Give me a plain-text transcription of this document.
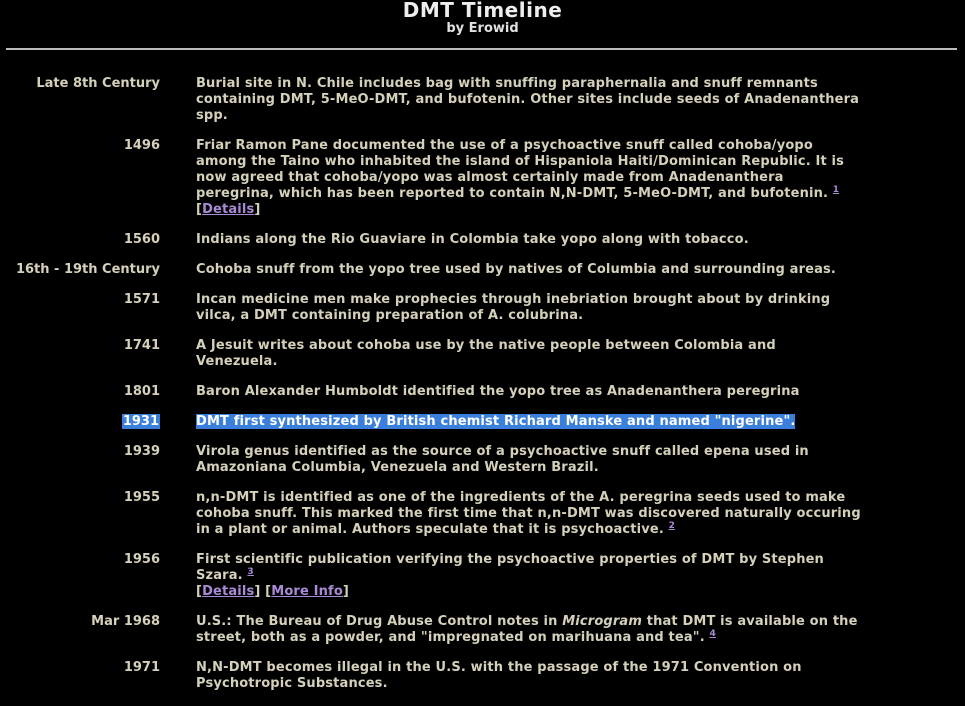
DMT Timeline
by Erowid
Late 8th Century	Burial site in N. Chile includes bag with snuffing paraphernalia and snuff remnants containing DMT, 5-MeO-DMT, and bufotenin. Other sites include seeds of Anadenanthera spp.
1496	Friar Ramon Pane documented the use of a psychoactive snuff called cohoba/yopo among the Taino who inhabited the island of Hispaniola Haiti/Dominican Republic. It is now agreed that cohoba/yopo was almost certainly made from Anadenanthera peregrina, which has been reported to contain N,N-DMT, 5-MeO-DMT, and bufotenin. $^1$   [Details]
1560	Indians along the Rio Guaviare in Colombia take yopo along with tobacco.
16th - 19th Century	Cohoba snuff from the yopo tree used by natives of Columbia and surrounding areas.
1571	Incan medicine men make prophecies through inebriation brought about by drinking vilca, a DMT containing preparation of A. colubrina.
1741	A Jesuit writes about cohoba use by the native people between Colombia and Venezuela.
1801	Baron Alexander Humboldt identified the yopo tree as Anadenanthera peregrina
1931	DMT first synthesized by British chemist Richard Manske and named "nigerine".
1939	Virola genus identified as the source of a psychoactive snuff called epena used in Amazoniana Columbia, Venezuela and Western Brazil.
1955	n,n-DMT is identified as one of the ingredients of the A. peregrina seeds used to make cohoba snuff. This marked the first time that n,n-DMT was discovered naturally occuring in a plant or animal. Authors speculate that it is psychoactive. $^2$
1956	First scientific publication verifying the psychoactive properties of DMT by Stephen Szara. $^3$
[Details] [More Info]
Mar 1968	U.S.: The Bureau of Drug Abuse Control notes in Microgram that DMT is available on the street, both as a powder, and "impregnated on marihuana and tea". $^4$
1971	N,N-DMT becomes illegal in the U.S. with the passage of the 1971 Convention on Psychotropic Substances.
